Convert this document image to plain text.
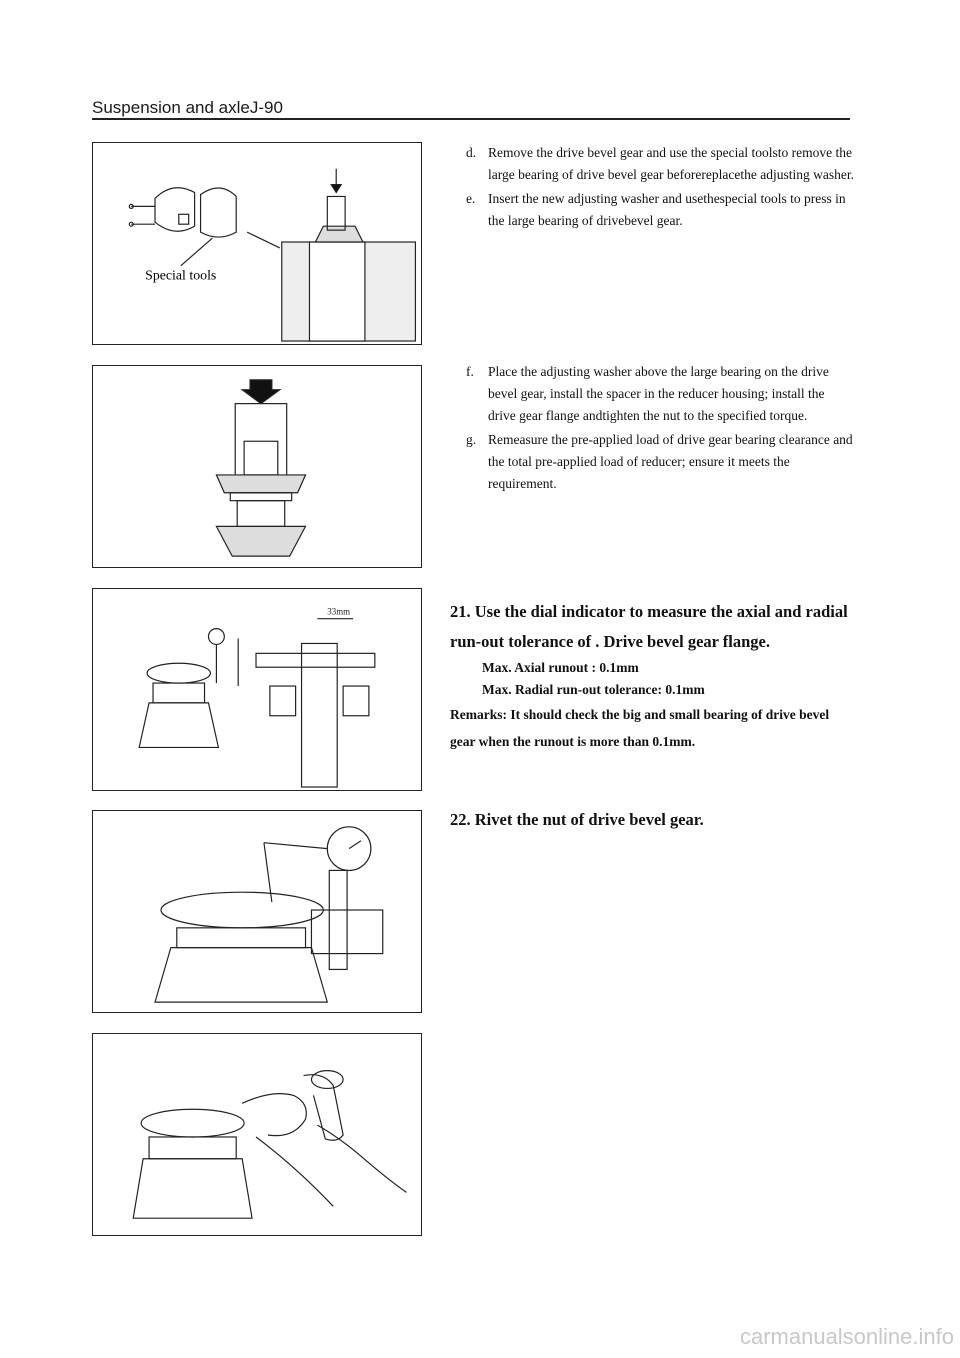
Suspension and axleJ-90
Special tools

d. Remove the drive bevel gear and use the special toolsto remove the large bearing of drive bevel gear beforereplacethe adjusting washer.

e. Insert the new adjusting washer and usethespecial tools to press in the large bearing of drivebevel gear.

f. Place the adjusting washer above the large bearing on the drive bevel gear, install the spacer in the reducer housing; install the drive gear flange andtighten the nut to the specified torque.

g. Remeasure the pre-applied load of drive gear bearing clearance and the total pre-applied load of reducer; ensure it meets the requirement.

33mm	21. Use the dial indicator to measure the axial and radial run-out tolerance of . Drive bevel gear flange.
Max. Axial runout : 0.1mm
Max. Radial run-out tolerance: 0.1mm
Remarks: It should check the big and small bearing of drive bevel gear when the runout is more than 0.1mm.
22. Rivet the nut of drive bevel gear.
carmanualsonline.info
